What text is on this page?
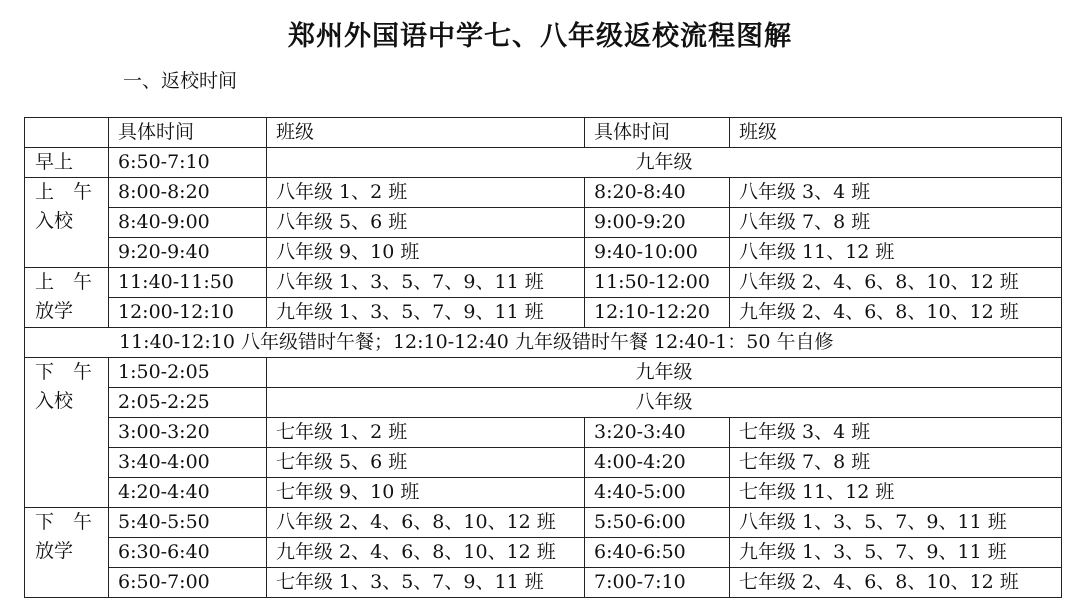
郑州外国语中学七、八年级返校流程图解
一、返校时间
	具体时间	班级	具体时间	班级
早上	6:50-7:10	九年级		

上　午
入校	8:00-8:20	八年级 1、2 班	8:20-8:40	八年级 3、4 班
	8:40-9:00	八年级 5、6 班	9:00-9:20	八年级 7、8 班
	9:20-9:40	八年级 9、10 班	9:40-10:00	八年级 11、12 班

上　午
放学	11:40-11:50	八年级 1、3、5、7、9、11 班	11:50-12:00	八年级 2、4、6、8、10、12 班
	12:00-12:10	九年级 1、3、5、7、9、11 班	12:10-12:20	九年级 2、4、6、8、10、12 班
11:40-12:10 八年级错时午餐；12:10-12:40 九年级错时午餐 12:40-1：50 午自修				

下　午
入校	1:50-2:05	九年级		
	2:05-2:25	八年级		
	3:00-3:20	七年级 1、2 班	3:20-3:40	七年级 3、4 班
	3:40-4:00	七年级 5、6 班	4:00-4:20	七年级 7、8 班
	4:20-4:40	七年级 9、10 班	4:40-5:00	七年级 11、12 班

下　午
放学	5:40-5:50	八年级 2、4、6、8、10、12 班	5:50-6:00	八年级 1、3、5、7、9、11 班
	6:30-6:40	九年级 2、4、6、8、10、12 班	6:40-6:50	九年级 1、3、5、7、9、11 班
	6:50-7:00	七年级 1、3、5、7、9、11 班	7:00-7:10	七年级 2、4、6、8、10、12 班
